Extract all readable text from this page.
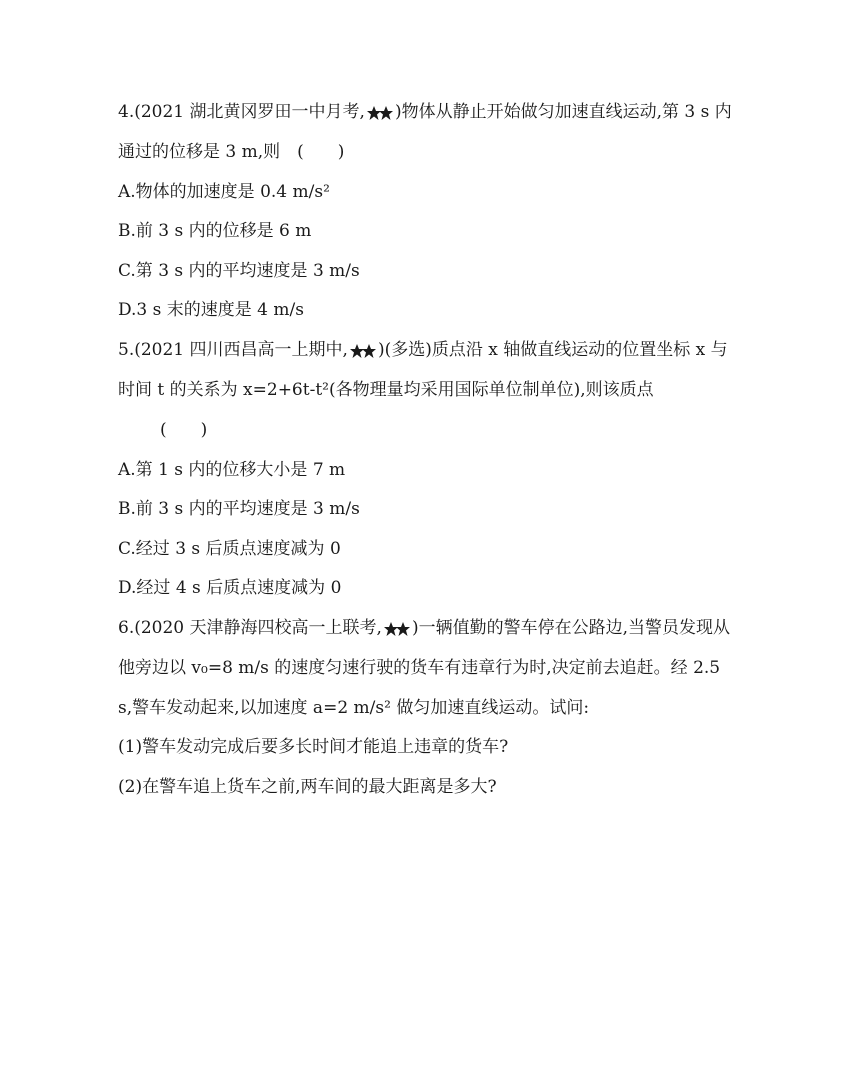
4.(2021 湖北黄冈罗田一中月考, )物体从静止开始做匀加速直线运动,第 3 s 内
通过的位移是 3 m,则　(　　)
A.物体的加速度是 0.4 m/s²
B.前 3 s 内的位移是 6 m
C.第 3 s 内的平均速度是 3 m/s
D.3 s 末的速度是 4 m/s
5.(2021 四川西昌高一上期中, )(多选)质点沿 x 轴做直线运动的位置坐标 x 与
时间 t 的关系为 x=2+6t-t²(各物理量均采用国际单位制单位),则该质点
(　　)
A.第 1 s 内的位移大小是 7 m
B.前 3 s 内的平均速度是 3 m/s
C.经过 3 s 后质点速度减为 0
D.经过 4 s 后质点速度减为 0
6.(2020 天津静海四校高一上联考, )一辆值勤的警车停在公路边,当警员发现从
他旁边以 v₀=8 m/s 的速度匀速行驶的货车有违章行为时,决定前去追赶。经 2.5
s,警车发动起来,以加速度 a=2 m/s² 做匀加速直线运动。试问:
(1)警车发动完成后要多长时间才能追上违章的货车?
(2)在警车追上货车之前,两车间的最大距离是多大?
